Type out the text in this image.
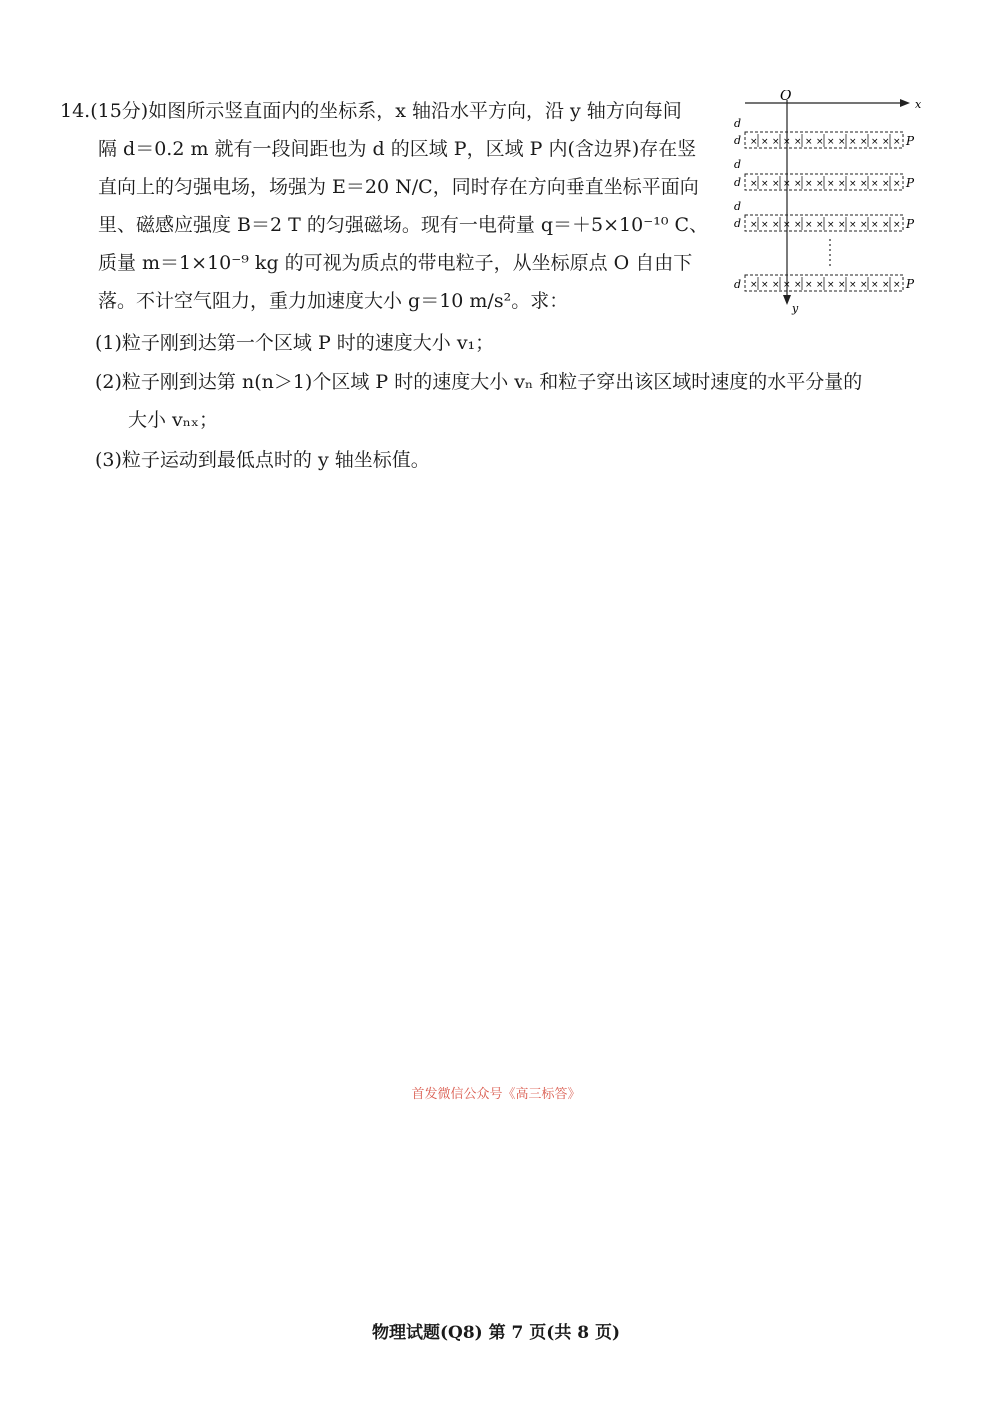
14.(15分)如图所示竖直面内的坐标系，x 轴沿水平方向，沿 y 轴方向每间
隔 d＝0.2 m 就有一段间距也为 d 的区域 P，区域 P 内(含边界)存在竖
直向上的匀强电场，场强为 E＝20 N/C，同时存在方向垂直坐标平面向
里、磁感应强度 B＝2 T 的匀强磁场。现有一电荷量 q＝＋5×10⁻¹⁰ C、
质量 m＝1×10⁻⁹ kg 的可视为质点的带电粒子，从坐标原点 O 自由下
落。不计空气阻力，重力加速度大小 g＝10 m/s²。求：
(1)粒子刚到达第一个区域 P 时的速度大小 v₁；
(2)粒子刚到达第 n(n＞1)个区域 P 时的速度大小 vₙ 和粒子穿出该区域时速度的水平分量的
大小 vₙₓ；
(3)粒子运动到最低点时的 y 轴坐标值。
O
x
y
d
d
d
d	P
d	P
d	P
d	P
× × × × × × × × × × × × × ×
× × × × × × × × × × × × × ×
× × × × × × × × × × × × × ×
× × × × × × × × × × × × × ×
首发微信公众号《高三标答》
物理试题(Q8) 第 7 页(共 8 页)
